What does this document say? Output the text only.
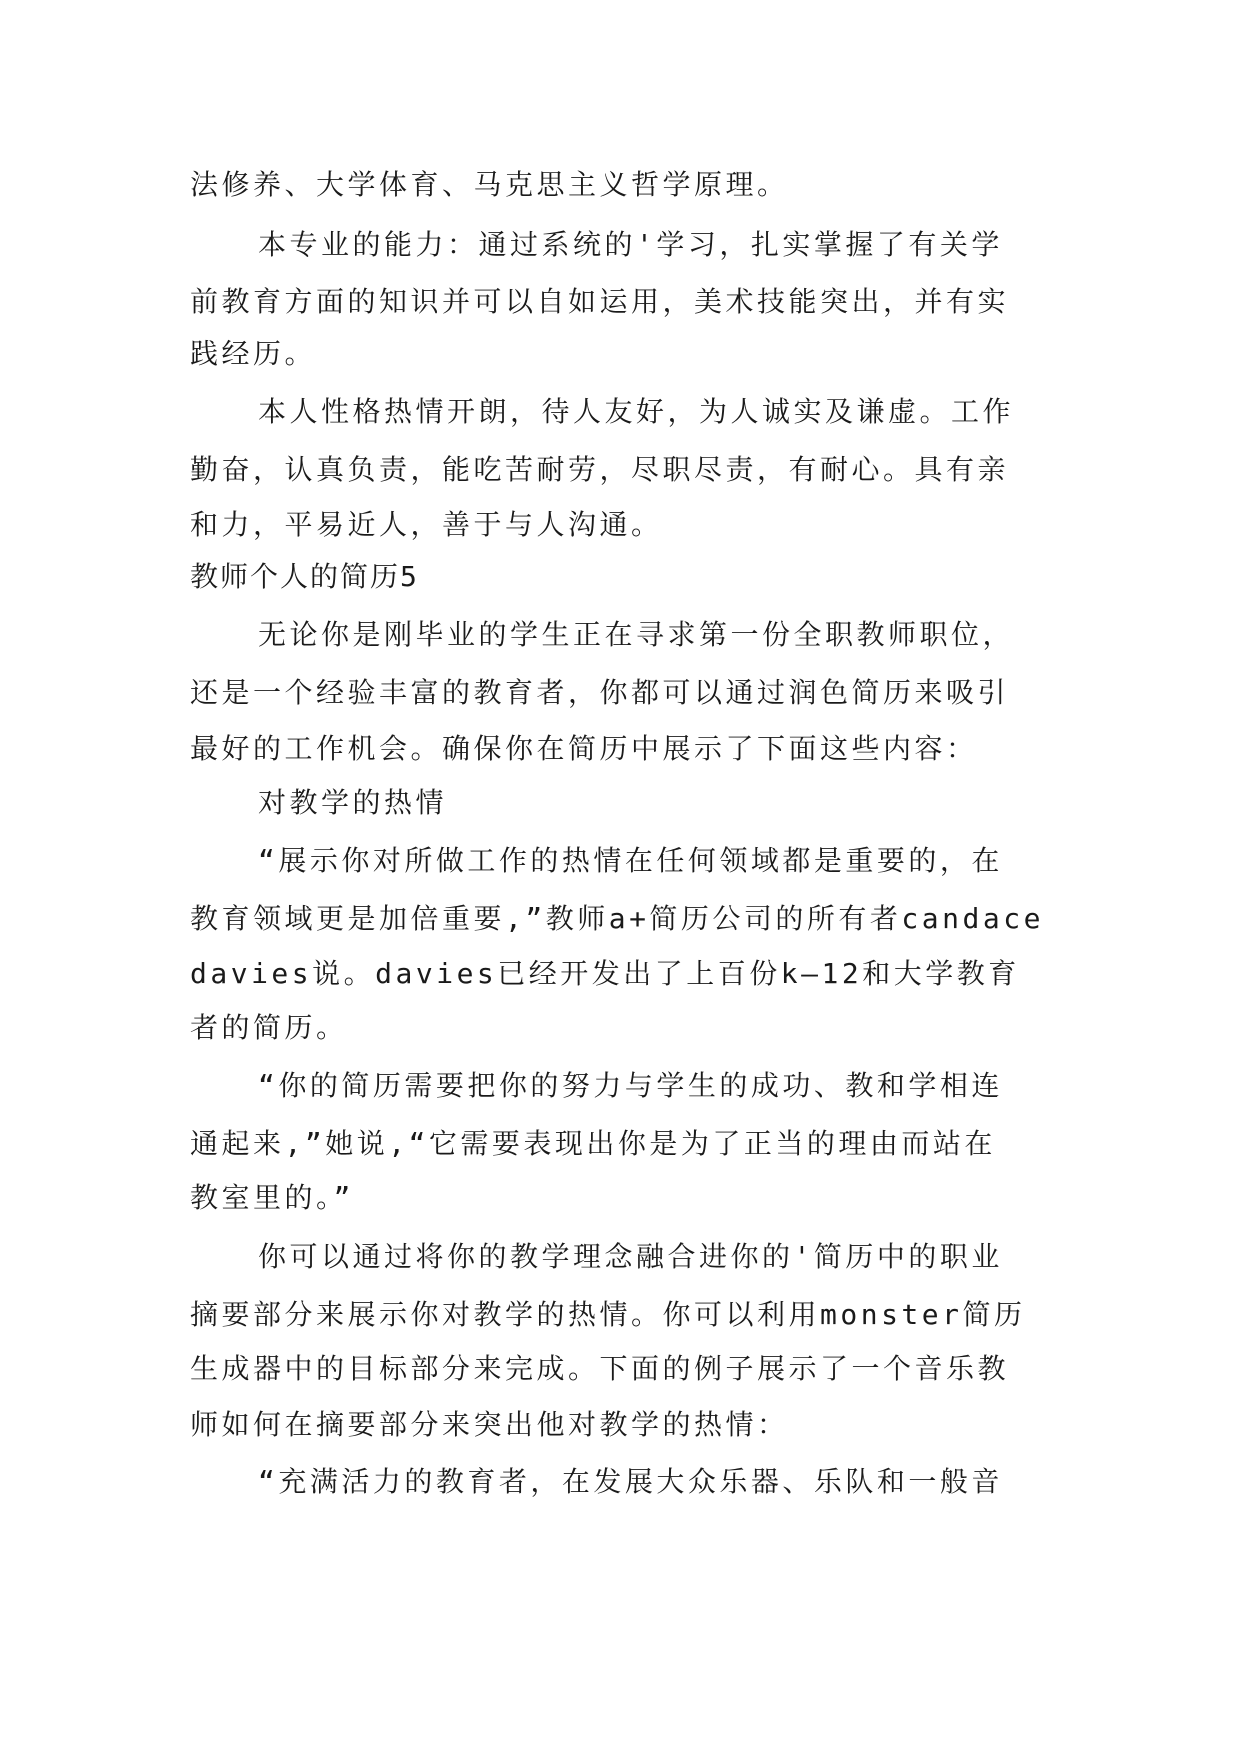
法修养、大学体育、马克思主义哲学原理。

本专业的能力：通过系统的'学习，扎实掌握了有关学

前教育方面的知识并可以自如运用，美术技能突出，并有实

践经历。

本人性格热情开朗，待人友好，为人诚实及谦虚。工作

勤奋，认真负责，能吃苦耐劳，尽职尽责，有耐心。具有亲

和力，平易近人，善于与人沟通。

教师个人的简历5

无论你是刚毕业的学生正在寻求第一份全职教师职位，

还是一个经验丰富的教育者，你都可以通过润色简历来吸引

最好的工作机会。确保你在简历中展示了下面这些内容：

对教学的热情

“展示你对所做工作的热情在任何领域都是重要的，在

教育领域更是加倍重要,”教师a+简历公司的所有者candace

davies说。davies已经开发出了上百份k—12和大学教育

者的简历。

“你的简历需要把你的努力与学生的成功、教和学相连

通起来,”她说,“它需要表现出你是为了正当的理由而站在

教室里的。”

你可以通过将你的教学理念融合进你的'简历中的职业

摘要部分来展示你对教学的热情。你可以利用monster简历

生成器中的目标部分来完成。下面的例子展示了一个音乐教

师如何在摘要部分来突出他对教学的热情：

“充满活力的教育者，在发展大众乐器、乐队和一般音
